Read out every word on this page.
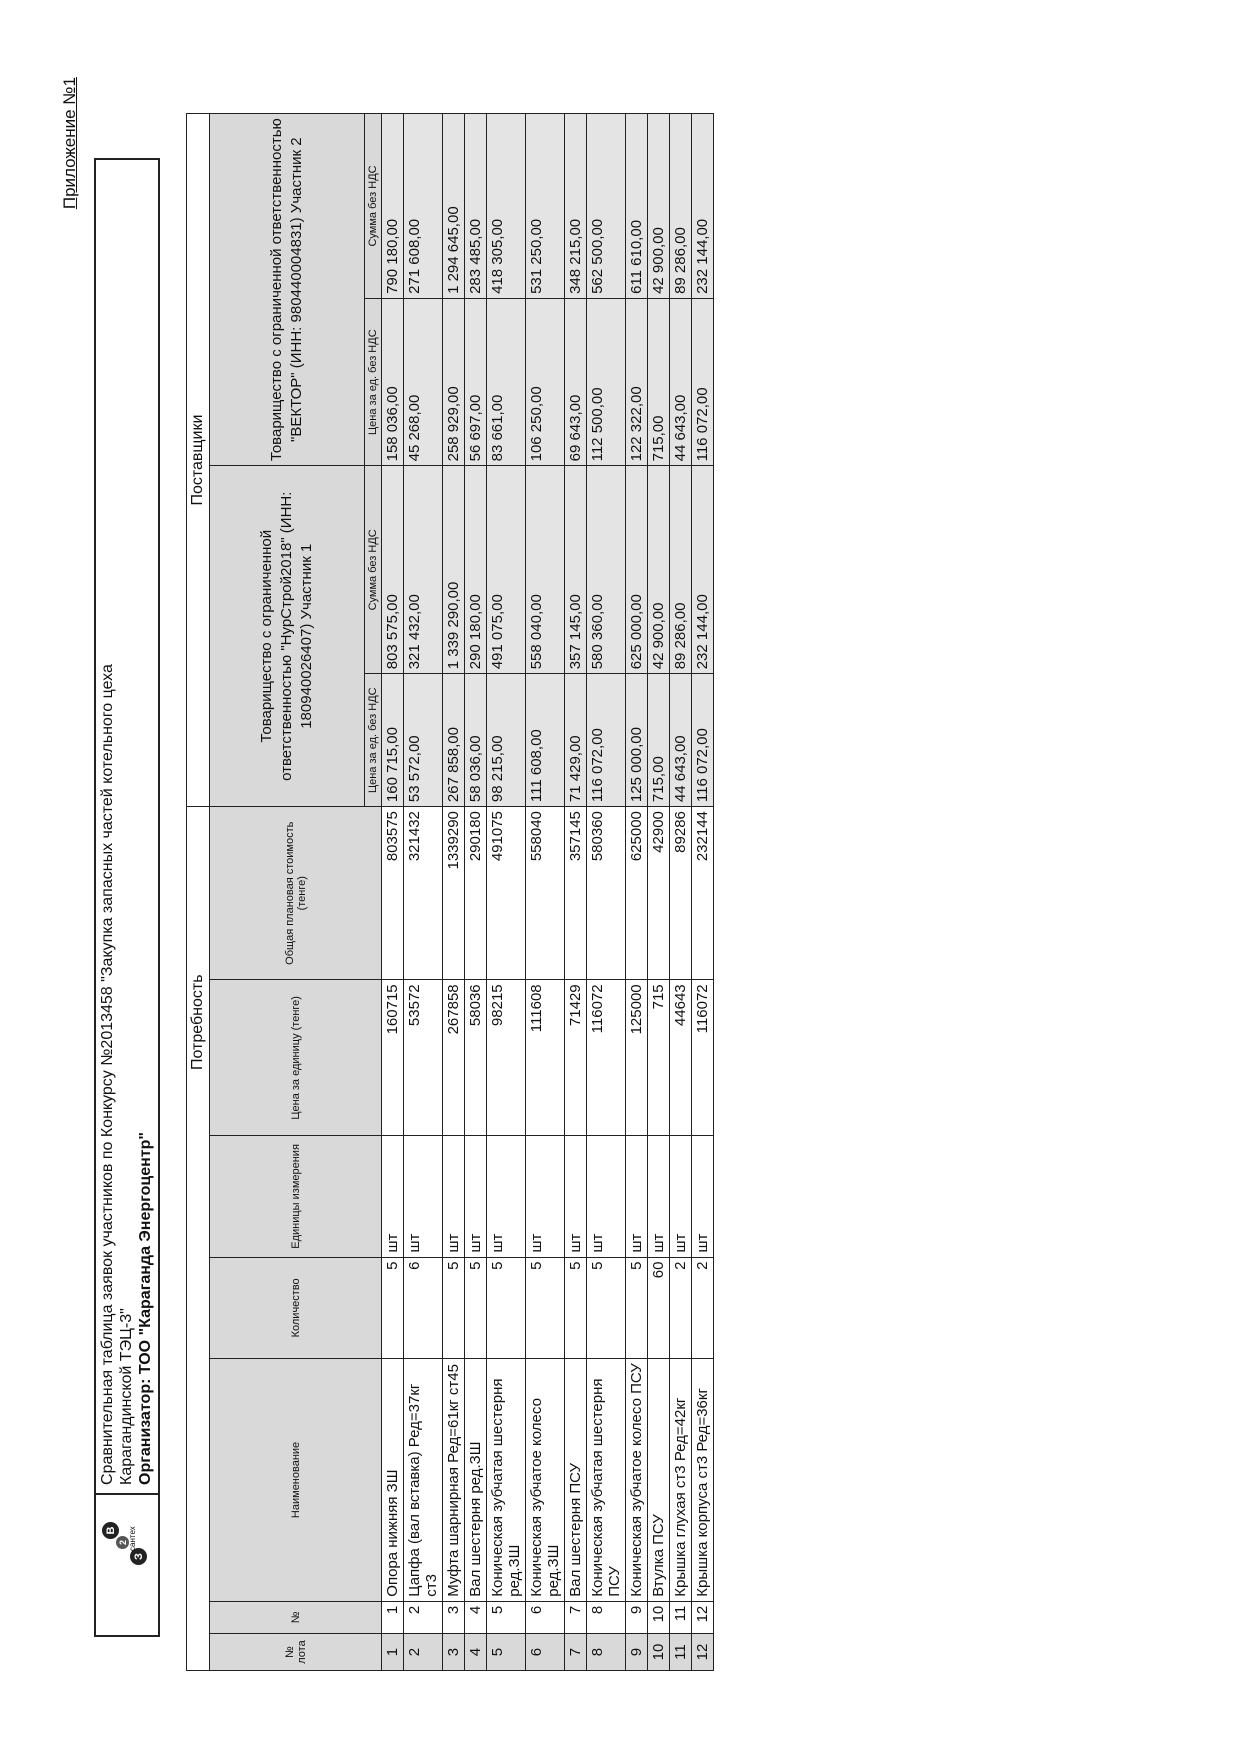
Приложение №1
З
В
2 сантех
Сравнительная таблица заявок участников по Конкурсу №2013458 "Закупка запасных частей котельного цеха Карагандинской ТЭЦ-3" Организатор: ТОО "Караганда Энергоцентр"
Потребность							Поставщики			
№ лота	№	Наименование	Количество	Единицы измерения	Цена за единицу (тенге)	Общая плановая стоимость (тенге)	Товарищество с ограниченной ответственностью "НурСтрой2018" (ИНН: 180940026407) Участник 1		Товарищество с ограниченной ответственностью "ВЕКТОР" (ИНН: 980440004831) Участник 2	
							Цена за ед. без НДС	Сумма без НДС	Цена за ед. без НДС	Сумма без НДС
1	1	Опора нижняя ЗШ	5	шт	160715	803575	160 715,00	803 575,00	158 036,00	790 180,00
2	2	Цапфа (вал вставка) Ред=37кг ст3	6	шт	53572	321432	53 572,00	321 432,00	45 268,00	271 608,00
3	3	Муфта шарнирная Ред=61кг ст45	5	шт	267858	1339290	267 858,00	1 339 290,00	258 929,00	1 294 645,00
4	4	Вал шестерня ред.ЗШ	5	шт	58036	290180	58 036,00	290 180,00	56 697,00	283 485,00
5	5	Коническая зубчатая шестерня ред.ЗШ	5	шт	98215	491075	98 215,00	491 075,00	83 661,00	418 305,00
6	6	Коническая зубчатое колесо ред.ЗШ	5	шт	111608	558040	111 608,00	558 040,00	106 250,00	531 250,00
7	7	Вал шестерня ПСУ	5	шт	71429	357145	71 429,00	357 145,00	69 643,00	348 215,00
8	8	Коническая зубчатая шестерня ПСУ	5	шт	116072	580360	116 072,00	580 360,00	112 500,00	562 500,00
9	9	Коническая зубчатое колесо ПСУ	5	шт	125000	625000	125 000,00	625 000,00	122 322,00	611 610,00
10	10	Втулка ПСУ	60	шт	715	42900	715,00	42 900,00	715,00	42 900,00
11	11	Крышка глухая ст3 Ред=42кг	2	шт	44643	89286	44 643,00	89 286,00	44 643,00	89 286,00
12	12	Крышка корпуса ст3 Ред=36кг	2	шт	116072	232144	116 072,00	232 144,00	116 072,00	232 144,00
